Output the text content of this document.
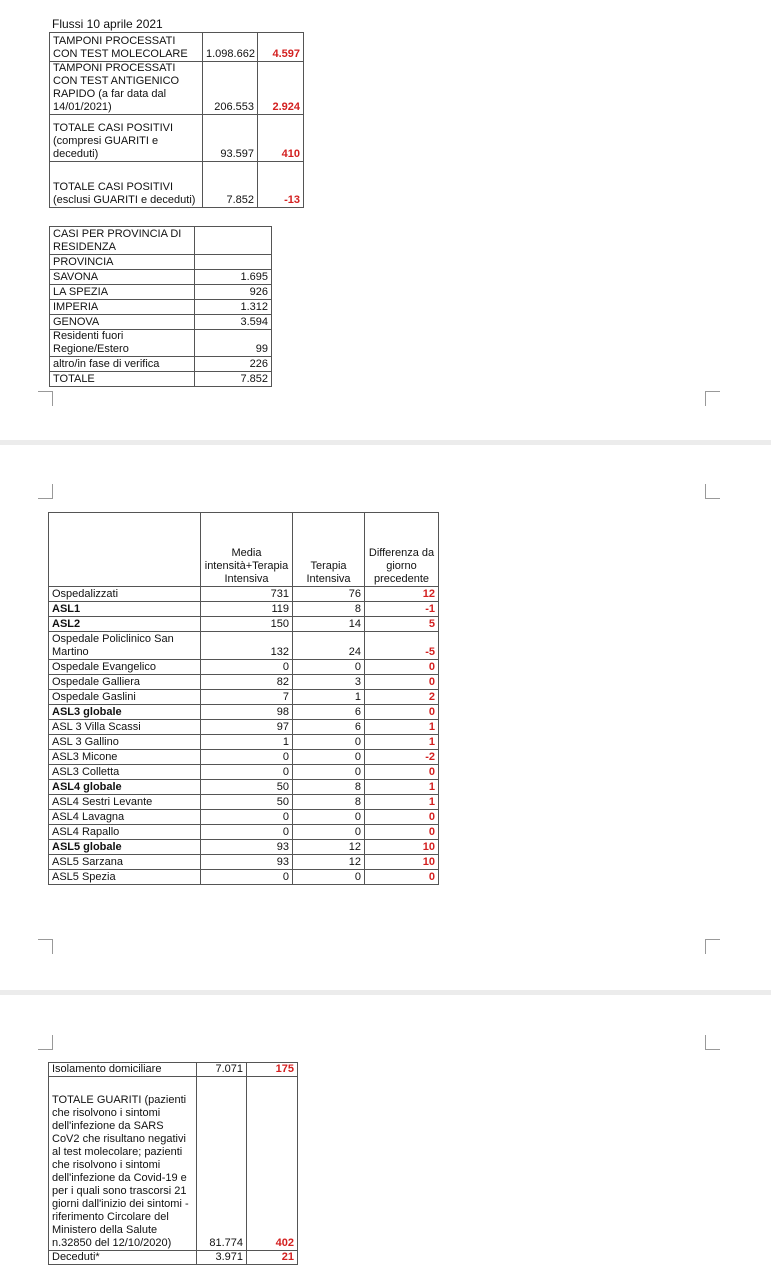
Flussi 10 aprile 2021
TAMPONI PROCESSATI CON TEST MOLECOLARE	1.098.662	4.597
TAMPONI PROCESSATI CON TEST ANTIGENICO RAPIDO (a far data dal 14/01/2021)	206.553	2.924
TOTALE CASI POSITIVI (compresi GUARITI e deceduti)	93.597	410
TOTALE CASI POSITIVI (esclusi GUARITI e deceduti)	7.852	-13
CASI PER PROVINCIA DI RESIDENZA	
PROVINCIA	
SAVONA	1.695
LA SPEZIA	926
IMPERIA	1.312
GENOVA	3.594
Residenti fuori Regione/Estero	99
altro/in fase di verifica	226
TOTALE	7.852
	Media intensità+Terapia Intensiva	Terapia Intensiva	Differenza da giorno precedente
Ospedalizzati	731	76	12
ASL1	119	8	-1
ASL2	150	14	5
Ospedale Policlinico San Martino	132	24	-5
Ospedale Evangelico	0	0	0
Ospedale Galliera	82	3	0
Ospedale Gaslini	7	1	2
ASL3 globale	98	6	0
ASL 3 Villa Scassi	97	6	1
ASL 3 Gallino	1	0	1
ASL3 Micone	0	0	-2
ASL3 Colletta	0	0	0
ASL4 globale	50	8	1
ASL4 Sestri Levante	50	8	1
ASL4 Lavagna	0	0	0
ASL4 Rapallo	0	0	0
ASL5 globale	93	12	10
ASL5 Sarzana	93	12	10
ASL5 Spezia	0	0	0
Isolamento domiciliare	7.071	175
TOTALE GUARITI (pazienti che risolvono i sintomi dell'infezione da SARS CoV2 che risultano negativi al test molecolare; pazienti che risolvono i sintomi dell'infezione da Covid-19 e per i quali sono trascorsi 21 giorni dall'inizio dei sintomi - riferimento Circolare del Ministero della Salute n.32850 del 12/10/2020)	81.774	402
Deceduti*	3.971	21
